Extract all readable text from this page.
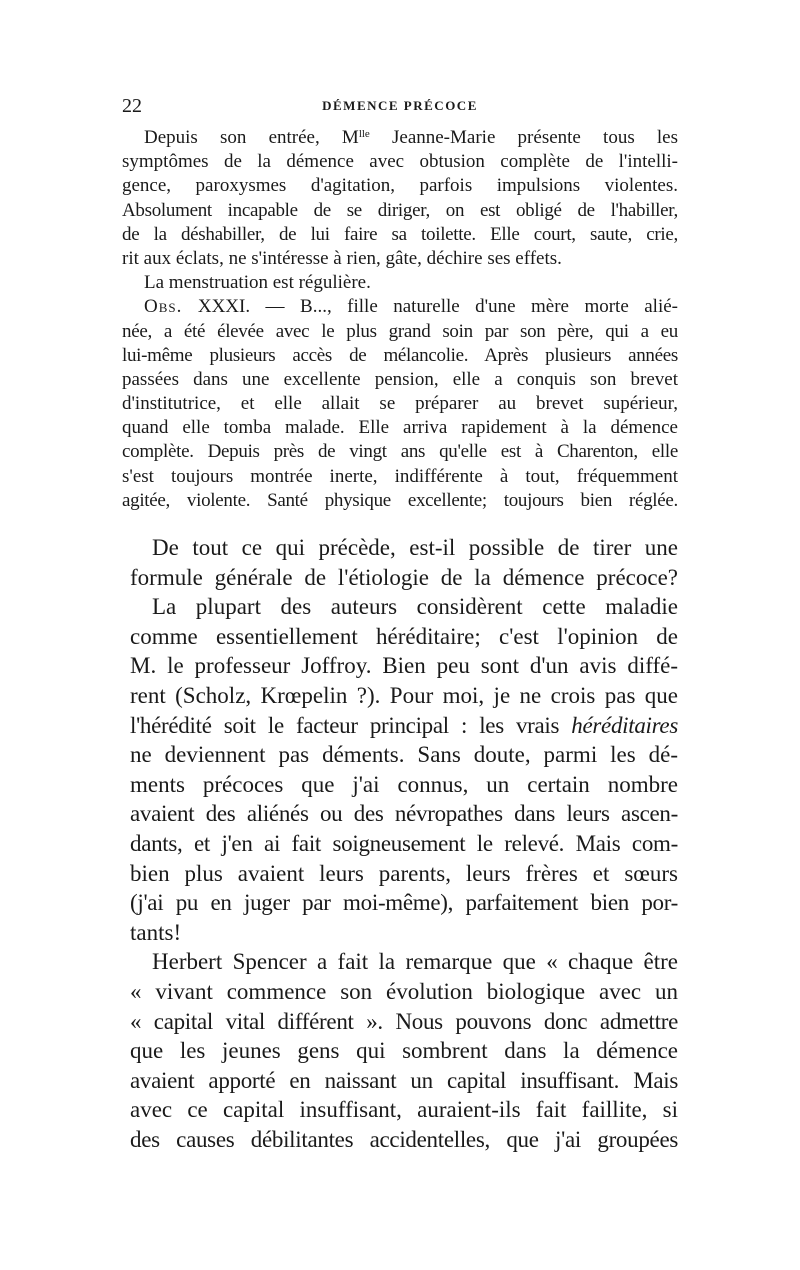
22	DÉMENCE PRÉCOCE
Depuis son entrée, $M^{lle}$ Jeanne-Marie présente tous les
symptômes de la démence avec obtusion complète de l'intelli-
gence, paroxysmes d'agitation, parfois impulsions violentes.
Absolument incapable de se diriger, on est obligé de l'habiller,
de la déshabiller, de lui faire sa toilette. Elle court, saute, crie,
rit aux éclats, ne s'intéresse à rien, gâte, déchire ses effets.
La menstruation est régulière.
Obs. XXXI. — B..., fille naturelle d'une mère morte alié-
née, a été élevée avec le plus grand soin par son père, qui a eu
lui-même plusieurs accès de mélancolie. Après plusieurs années
passées dans une excellente pension, elle a conquis son brevet
d'institutrice, et elle allait se préparer au brevet supérieur,
quand elle tomba malade. Elle arriva rapidement à la démence
complète. Depuis près de vingt ans qu'elle est à Charenton, elle
s'est toujours montrée inerte, indifférente à tout, fréquemment
agitée, violente. Santé physique excellente; toujours bien réglée.
De tout ce qui précède, est-il possible de tirer une
formule générale de l'étiologie de la démence précoce?
La plupart des auteurs considèrent cette maladie
comme essentiellement héréditaire; c'est l'opinion de
M. le professeur Joffroy. Bien peu sont d'un avis diffé-
rent (Scholz, Krœpelin ?). Pour moi, je ne crois pas que
l'hérédité soit le facteur principal : les vrais héréditaires
ne deviennent pas déments. Sans doute, parmi les dé-
ments précoces que j'ai connus, un certain nombre
avaient des aliénés ou des névropathes dans leurs ascen-
dants, et j'en ai fait soigneusement le relevé. Mais com-
bien plus avaient leurs parents, leurs frères et sœurs
(j'ai pu en juger par moi-même), parfaitement bien por-
tants!
Herbert Spencer a fait la remarque que « chaque être
« vivant commence son évolution biologique avec un
« capital vital différent ». Nous pouvons donc admettre
que les jeunes gens qui sombrent dans la démence
avaient apporté en naissant un capital insuffisant. Mais
avec ce capital insuffisant, auraient-ils fait faillite, si
des causes débilitantes accidentelles, que j'ai groupées
